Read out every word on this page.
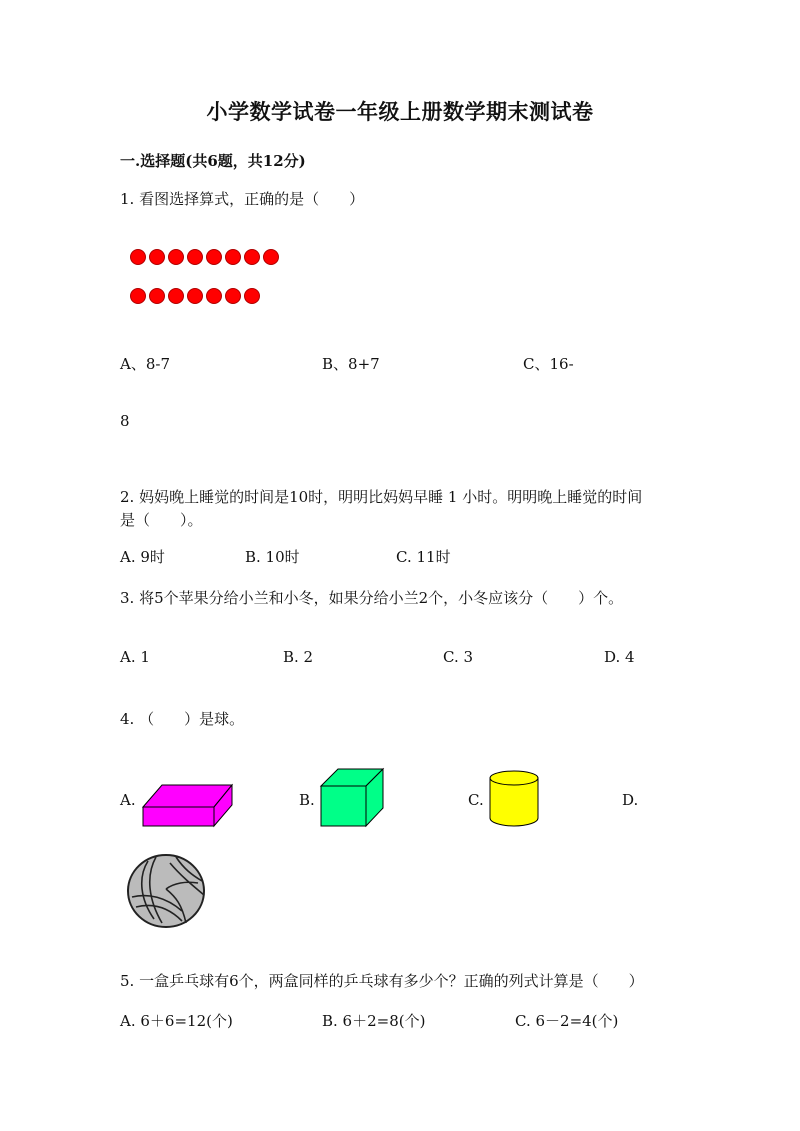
小学数学试卷一年级上册数学期末测试卷
一.选择题(共6题，共12分)
1. 看图选择算式，正确的是（　　）
A、8-7	B、8+7	C、16-
8
2. 妈妈晚上睡觉的时间是10时，明明比妈妈早睡 1 小时。明明晚上睡觉的时间
是（　　）。
A. 9时	B. 10时	C. 11时
3. 将5个苹果分给小兰和小冬，如果分给小兰2个，小冬应该分（　　）个。
A. 1	B. 2	C. 3	D. 4
4. （　　）是球。
A.	B.	C.	D.
5. 一盒乒乓球有6个，两盒同样的乒乓球有多少个？正确的列式计算是（　　）
A. 6＋6=12(个)	B. 6＋2=8(个)	C. 6－2=4(个)
